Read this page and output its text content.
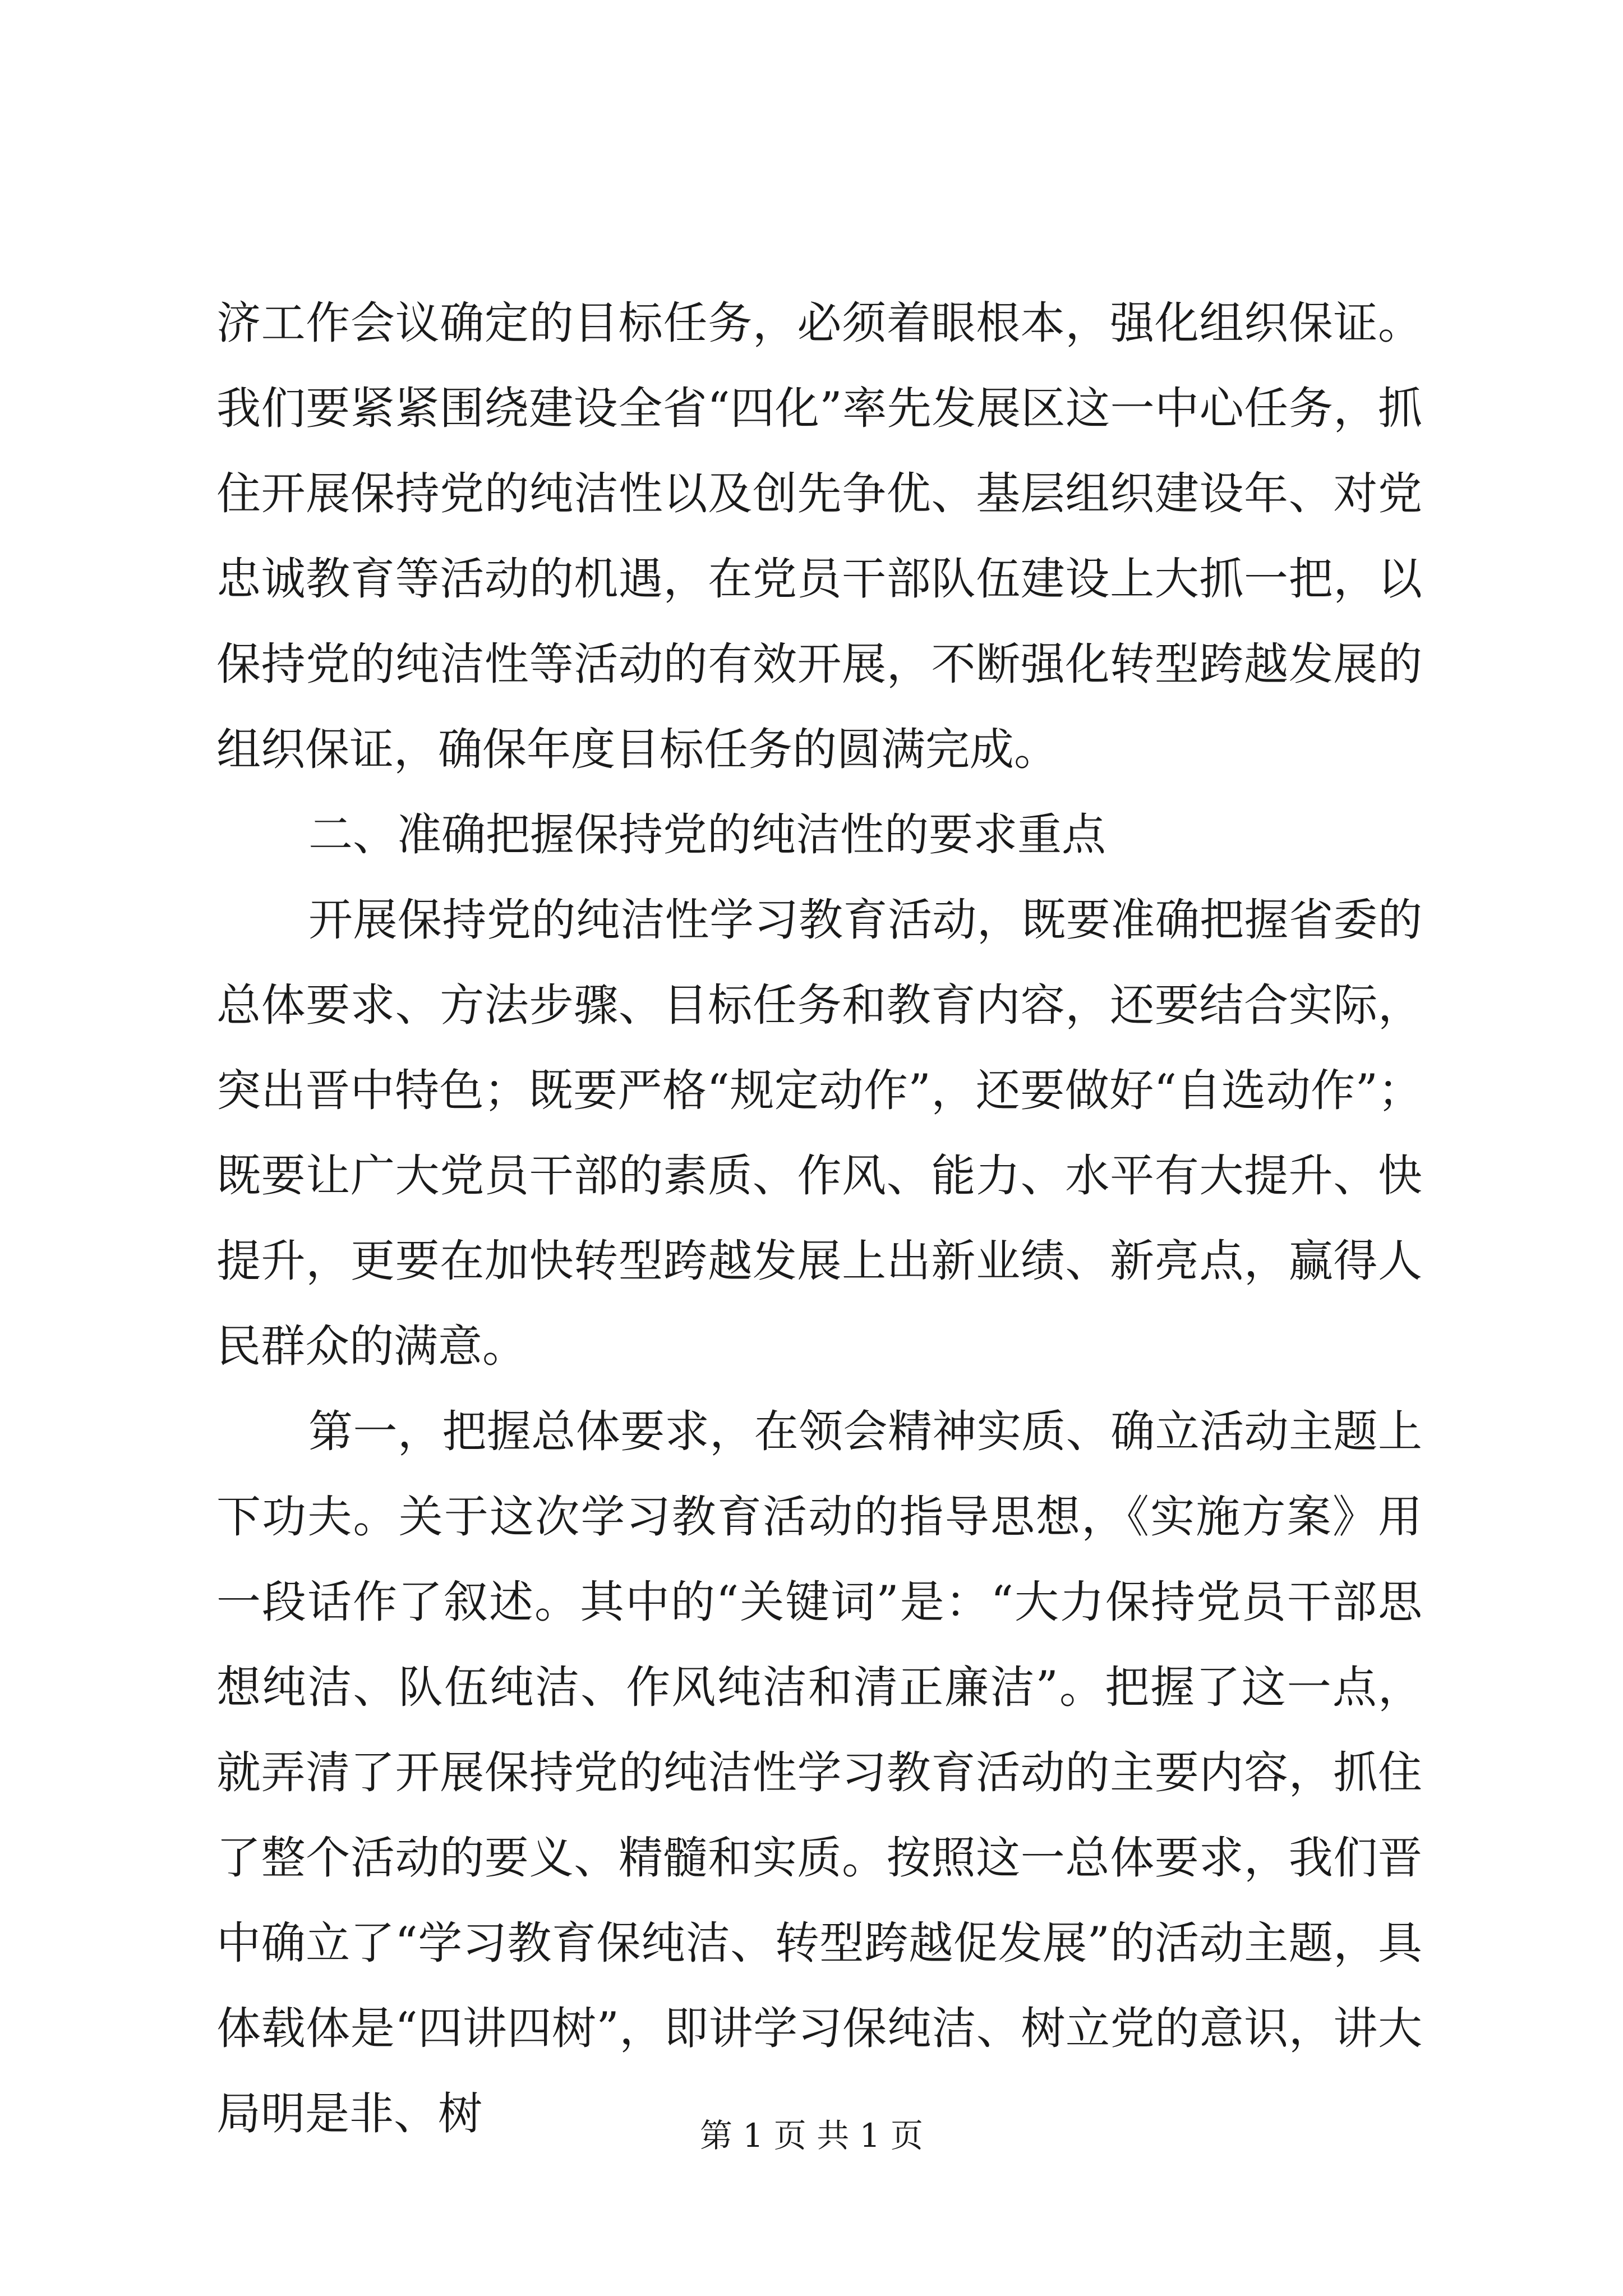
济工作会议确定的目标任务，必须着眼根本，强化组织保证。我们要紧紧围绕建设全省“四化”率先发展区这一中心任务，抓住开展保持党的纯洁性以及创先争优、基层组织建设年、对党忠诚教育等活动的机遇，在党员干部队伍建设上大抓一把，以保持党的纯洁性等活动的有效开展，不断强化转型跨越发展的组织保证，确保年度目标任务的圆满完成。

二、准确把握保持党的纯洁性的要求重点

开展保持党的纯洁性学习教育活动，既要准确把握省委的总体要求、方法步骤、目标任务和教育内容，还要结合实际，突出晋中特色；既要严格“规定动作”，还要做好“自选动作”；既要让广大党员干部的素质、作风、能力、水平有大提升、快提升，更要在加快转型跨越发展上出新业绩、新亮点，赢得人民群众的满意。

第一，把握总体要求，在领会精神实质、确立活动主题上下功夫。关于这次学习教育活动的指导思想，《实施方案》用一段话作了叙述。其中的“关键词”是：“大力保持党员干部思想纯洁、队伍纯洁、作风纯洁和清正廉洁”。把握了这一点，就弄清了开展保持党的纯洁性学习教育活动的主要内容，抓住了整个活动的要义、精髓和实质。按照这一总体要求，我们晋中确立了“学习教育保纯洁、转型跨越促发展”的活动主题，具体载体是“四讲四树”，即讲学习保纯洁、树立党的意识，讲大局明是非、树	第 1 页 共 1 页
